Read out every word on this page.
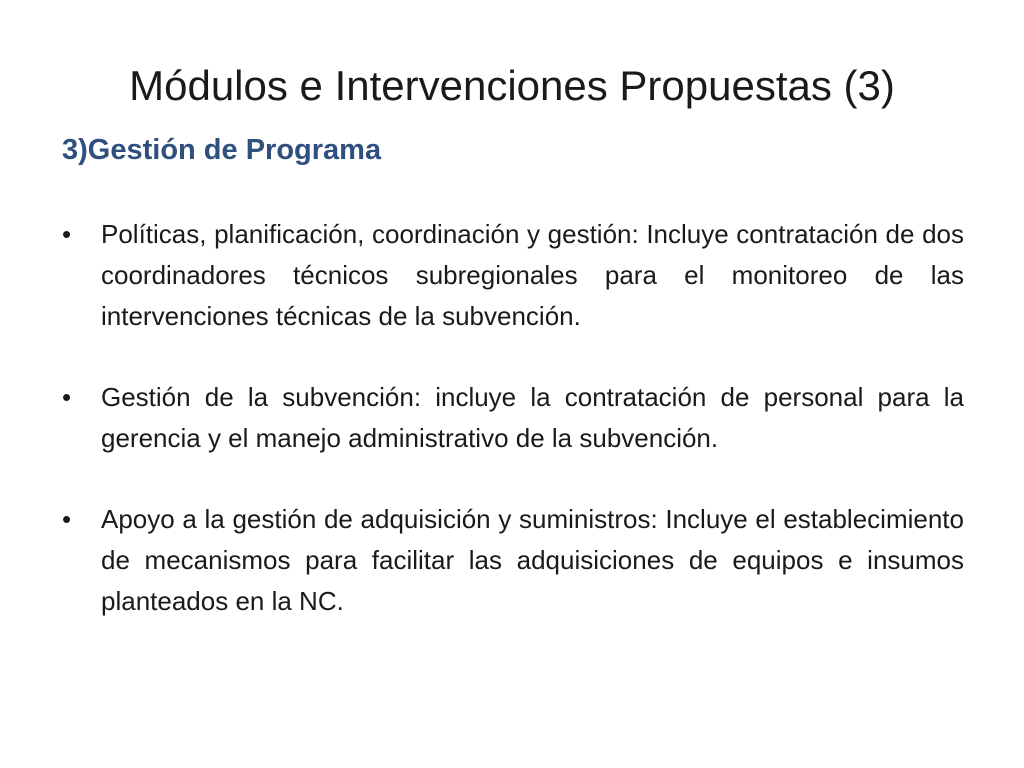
Módulos e Intervenciones Propuestas (3)
3)Gestión de Programa
• Políticas, planificación, coordinación y gestión: Incluye contratación de dos coordinadores técnicos subregionales para el monitoreo de las intervenciones técnicas de la subvención.
• Gestión de la subvención: incluye la contratación de personal para la gerencia y el manejo administrativo de la subvención.
• Apoyo a la gestión de adquisición y suministros: Incluye el establecimiento de mecanismos para facilitar las adquisiciones de equipos e insumos planteados en la NC.
